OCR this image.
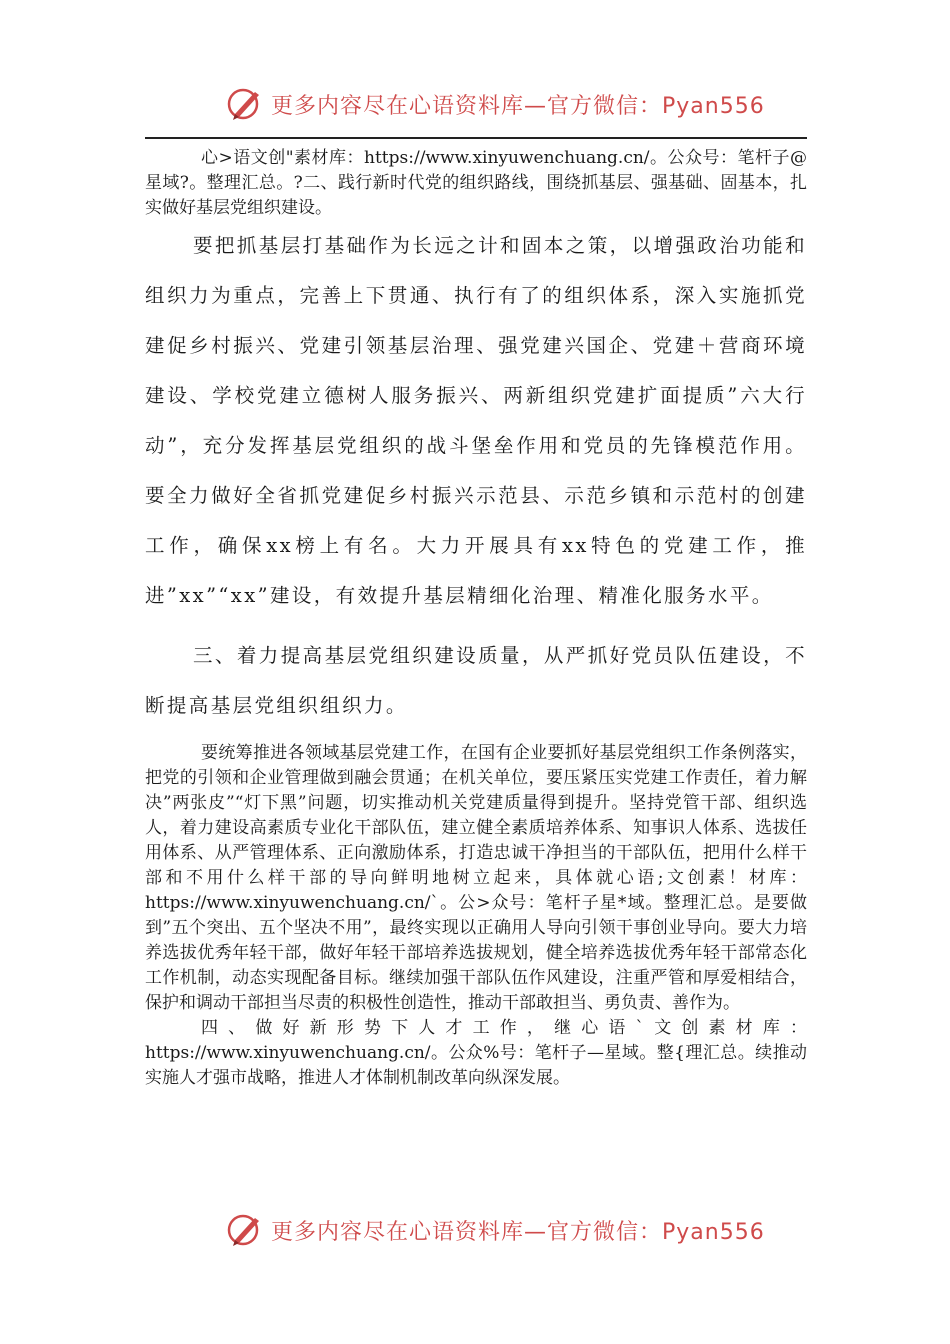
更多内容尽在心语资料库—官方微信：Pyan556

心>语文创"素材库：https://www.xinyuwenchuang.cn/。公众号：笔杆子@星域?。整理汇总。?二、践行新时代党的组织路线，围绕抓基层、强基础、固基本，扎实做好基层党组织建设。

要把抓基层打基础作为长远之计和固本之策，以增强政治功能和组织力为重点，完善上下贯通、执行有了的组织体系，深入实施抓党建促乡村振兴、党建引领基层治理、强党建兴国企、党建＋营商环境建设、学校党建立德树人服务振兴、两新组织党建扩面提质”六大行动”，充分发挥基层党组织的战斗堡垒作用和党员的先锋模范作用。要全力做好全省抓党建促乡村振兴示范县、示范乡镇和示范村的创建工作，确保xx榜上有名。大力开展具有xx特色的党建工作，推进”xx”“xx”建设，有效提升基层精细化治理、精准化服务水平。

三、着力提高基层党组织建设质量，从严抓好党员队伍建设，不断提高基层党组织组织力。

要统筹推进各领域基层党建工作，在国有企业要抓好基层党组织工作条例落实，把党的引领和企业管理做到融会贯通；在机关单位，要压紧压实党建工作责任，着力解决”两张皮”“灯下黑”问题，切实推动机关党建质量得到提升。坚持党管干部、组织选人，着力建设高素质专业化干部队伍，建立健全素质培养体系、知事识人体系、选拔任用体系、从严管理体系、正向激励体系，打造忠诚干净担当的干部队伍，把用什么样干部和不用什么样干部的导向鲜明地树立起来，具体就心语;文创素！材库：https://www.xinyuwenchuang.cn/`。公>众号：笔杆子星*域。整理汇总。是要做到”五个突出、五个坚决不用”，最终实现以正确用人导向引领干事创业导向。要大力培养选拔优秀年轻干部，做好年轻干部培养选拔规划，健全培养选拔优秀年轻干部常态化工作机制，动态实现配备目标。继续加强干部队伍作风建设，注重严管和厚爱相结合，保护和调动干部担当尽责的积极性创造性，推动干部敢担当、勇负责、善作为。

四、做好新形势下人才工作，继心语`文创素材库：https://www.xinyuwenchuang.cn/。公众%号：笔杆子—星域。整{理汇总。续推动实施人才强市战略，推进人才体制机制改革向纵深发展。

更多内容尽在心语资料库—官方微信：Pyan556
